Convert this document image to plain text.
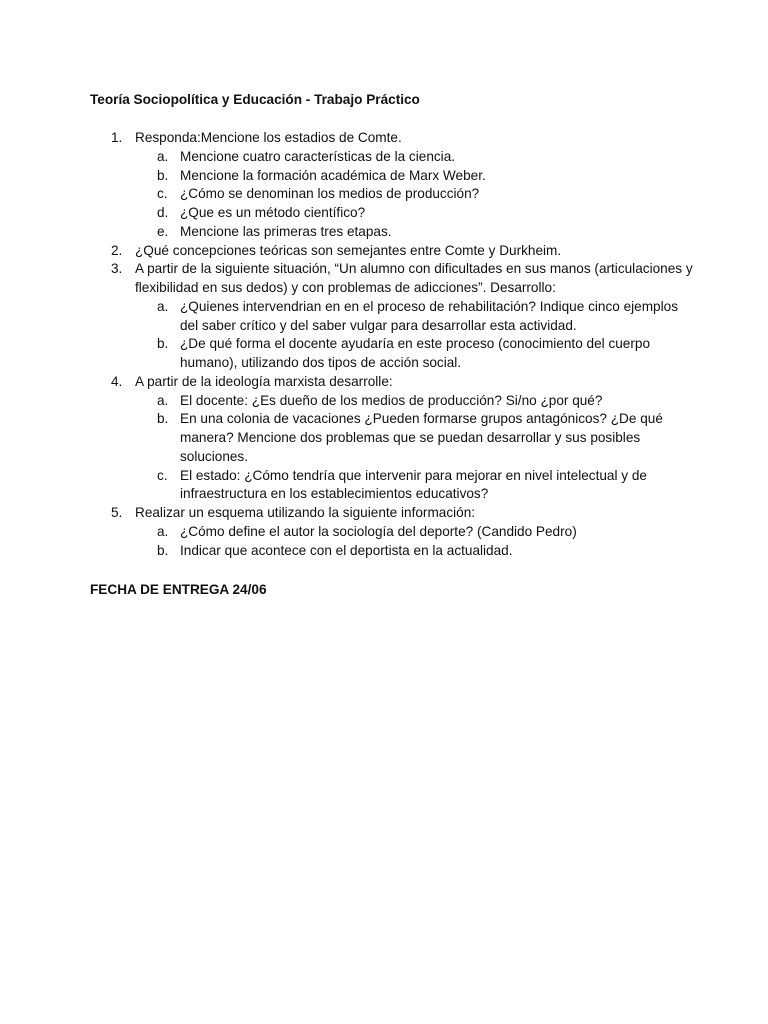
Teoría Sociopolítica y Educación - Trabajo Práctico

1. Responda:Mencione los estadios de Comte.
a. Mencione cuatro características de la ciencia.
b. Mencione la formación académica de Marx Weber.
c. ¿Cómo se denominan los medios de producción?
d. ¿Que es un método científico?
e. Mencione las primeras tres etapas.
2. ¿Qué concepciones teóricas son semejantes entre Comte y Durkheim.
3. A partir de la siguiente situación, “Un alumno con dificultades en sus manos (articulaciones y flexibilidad en sus dedos) y con problemas de adicciones”. Desarrollo:
a. ¿Quienes intervendrian en en el proceso de rehabilitación? Indique cinco ejemplos del saber crítico y del saber vulgar para desarrollar esta actividad.
b. ¿De qué forma el docente ayudaría en este proceso (conocimiento del cuerpo humano), utilizando dos tipos de acción social.
4. A partir de la ideología marxista desarrolle:
a. El docente: ¿Es dueño de los medios de producción? Si/no ¿por qué?
b. En una colonia de vacaciones ¿Pueden formarse grupos antagónicos? ¿De qué manera? Mencione dos problemas que se puedan desarrollar y sus posibles soluciones.
c. El estado: ¿Cómo tendría que intervenir para mejorar en nivel intelectual y de infraestructura en los establecimientos educativos?
5. Realizar un esquema utilizando la siguiente información:
a. ¿Cómo define el autor la sociología del deporte? (Candido Pedro)
b. Indicar que acontece con el deportista en la actualidad.

FECHA DE ENTREGA 24/06
